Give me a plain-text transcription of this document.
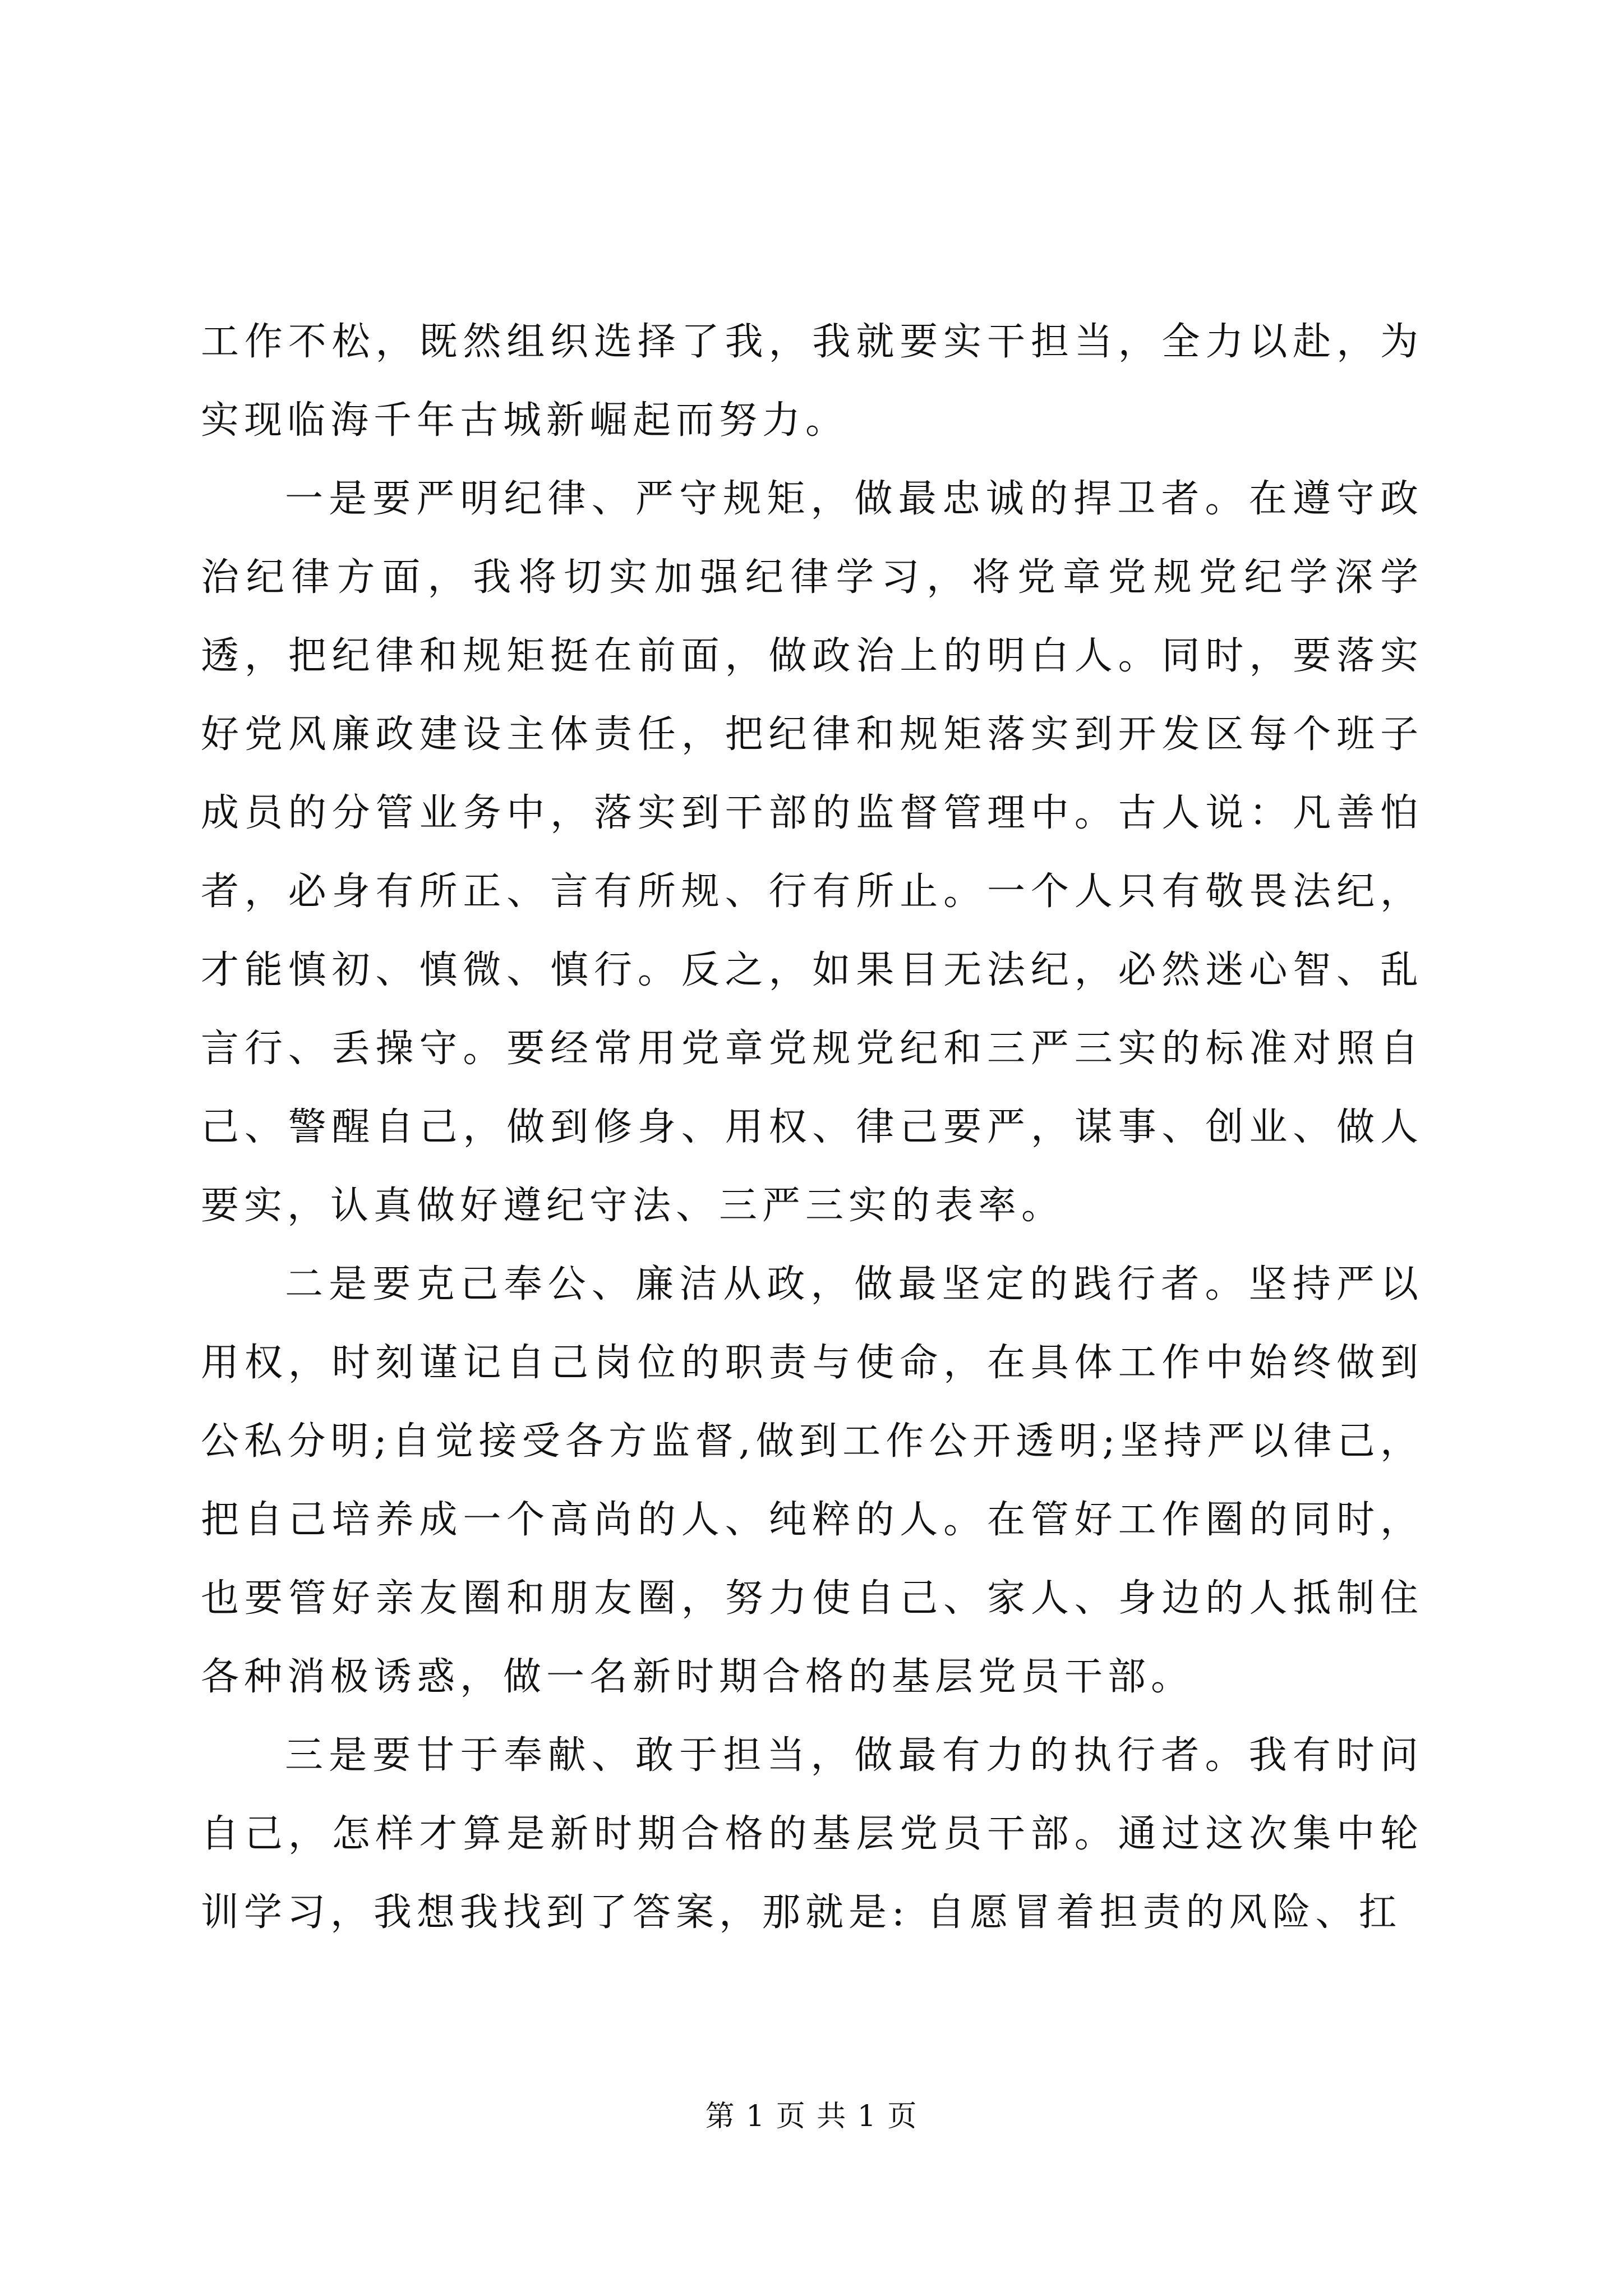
工作不松，既然组织选择了我，我就要实干担当，全力以赴，为实现临海千年古城新崛起而努力。

一是要严明纪律、严守规矩，做最忠诚的捍卫者。在遵守政治纪律方面，我将切实加强纪律学习，将党章党规党纪学深学透，把纪律和规矩挺在前面，做政治上的明白人。同时，要落实好党风廉政建设主体责任，把纪律和规矩落实到开发区每个班子成员的分管业务中，落实到干部的监督管理中。古人说：凡善怕者，必身有所正、言有所规、行有所止。一个人只有敬畏法纪，才能慎初、慎微、慎行。反之，如果目无法纪，必然迷心智、乱言行、丢操守。要经常用党章党规党纪和三严三实的标准对照自己、警醒自己，做到修身、用权、律己要严，谋事、创业、做人要实，认真做好遵纪守法、三严三实的表率。

二是要克己奉公、廉洁从政，做最坚定的践行者。坚持严以用权，时刻谨记自己岗位的职责与使命，在具体工作中始终做到公私分明;自觉接受各方监督,做到工作公开透明;坚持严以律己，把自己培养成一个高尚的人、纯粹的人。在管好工作圈的同时，也要管好亲友圈和朋友圈，努力使自己、家人、身边的人抵制住各种消极诱惑，做一名新时期合格的基层党员干部。

三是要甘于奉献、敢于担当，做最有力的执行者。我有时问自己，怎样才算是新时期合格的基层党员干部。通过这次集中轮训学习，我想我找到了答案，那就是: 自愿冒着担责的风险、扛

第 1 页 共 1 页
